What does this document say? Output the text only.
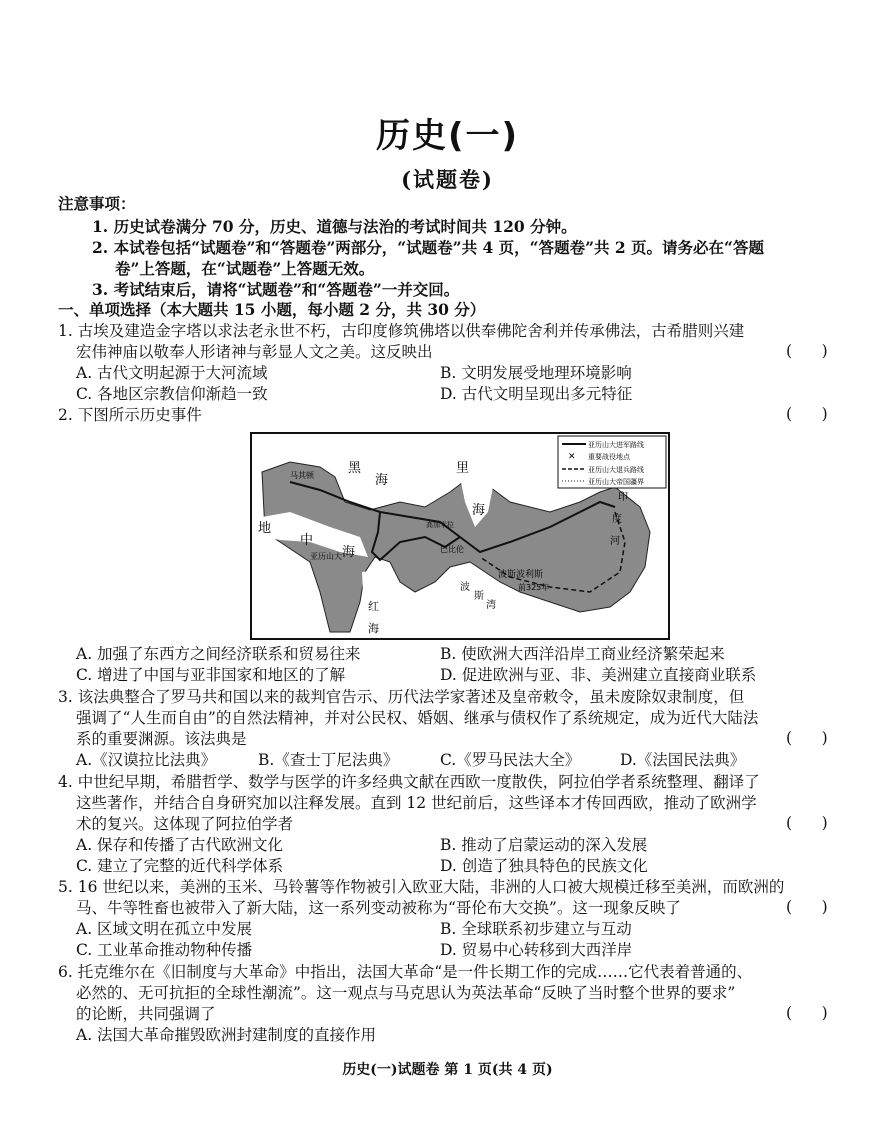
历史(一)
(试题卷)
注意事项：
1. 历史试卷满分 70 分，历史、道德与法治的考试时间共 120 分钟。
2. 本试卷包括“试题卷”和“答题卷”两部分，“试题卷”共 4 页，“答题卷”共 2 页。请务必在“答题
卷”上答题，在“试题卷”上答题无效。
3. 考试结束后，请将“试题卷”和“答题卷”一并交回。
一、单项选择（本大题共 15 小题，每小题 2 分，共 30 分）
1. 古埃及建造金字塔以求法老永世不朽，古印度修筑佛塔以供奉佛陀舍利并传承佛法，古希腊则兴建
宏伟神庙以敬奉人形诸神与彰显人文之美。这反映出	(      )
A. 古代文明起源于大河流域	B. 文明发展受地理环境影响
C. 各地区宗教信仰渐趋一致	D. 古代文明呈现出多元特征
2. 下图所示历史事件	(      )
亚历山大进军路线
✕ 重要战役地点
亚历山大退兵路线
亚历山大帝国疆界
黑
海
里
海
地
中
海
红
海
波
斯
湾
印
度
河
亚历山大
巴比伦
波斯波利斯
前325年
马其顿
高加米拉
A. 加强了东西方之间经济联系和贸易往来	B. 使欧洲大西洋沿岸工商业经济繁荣起来
C. 增进了中国与亚非国家和地区的了解	D. 促进欧洲与亚、非、美洲建立直接商业联系
3. 该法典整合了罗马共和国以来的裁判官告示、历代法学家著述及皇帝敕令，虽未废除奴隶制度，但
强调了“人生而自由”的自然法精神，并对公民权、婚姻、继承与债权作了系统规定，成为近代大陆法
系的重要渊源。该法典是	(      )
A.《汉谟拉比法典》	B.《查士丁尼法典》	C.《罗马民法大全》	D.《法国民法典》
4. 中世纪早期，希腊哲学、数学与医学的许多经典文献在西欧一度散佚，阿拉伯学者系统整理、翻译了
这些著作，并结合自身研究加以注释发展。直到 12 世纪前后，这些译本才传回西欧，推动了欧洲学
术的复兴。这体现了阿拉伯学者	(      )
A. 保存和传播了古代欧洲文化	B. 推动了启蒙运动的深入发展
C. 建立了完整的近代科学体系	D. 创造了独具特色的民族文化
5. 16 世纪以来，美洲的玉米、马铃薯等作物被引入欧亚大陆，非洲的人口被大规模迁移至美洲，而欧洲的
马、牛等牲畜也被带入了新大陆，这一系列变动被称为“哥伦布大交换”。这一现象反映了	(      )
A. 区域文明在孤立中发展	B. 全球联系初步建立与互动
C. 工业革命推动物种传播	D. 贸易中心转移到大西洋岸
6. 托克维尔在《旧制度与大革命》中指出，法国大革命“是一件长期工作的完成……它代表着普通的、
必然的、无可抗拒的全球性潮流”。这一观点与马克思认为英法革命“反映了当时整个世界的要求”
的论断，共同强调了	(      )
A. 法国大革命摧毁欧洲封建制度的直接作用
历史(一)试题卷 第 1 页(共 4 页)
